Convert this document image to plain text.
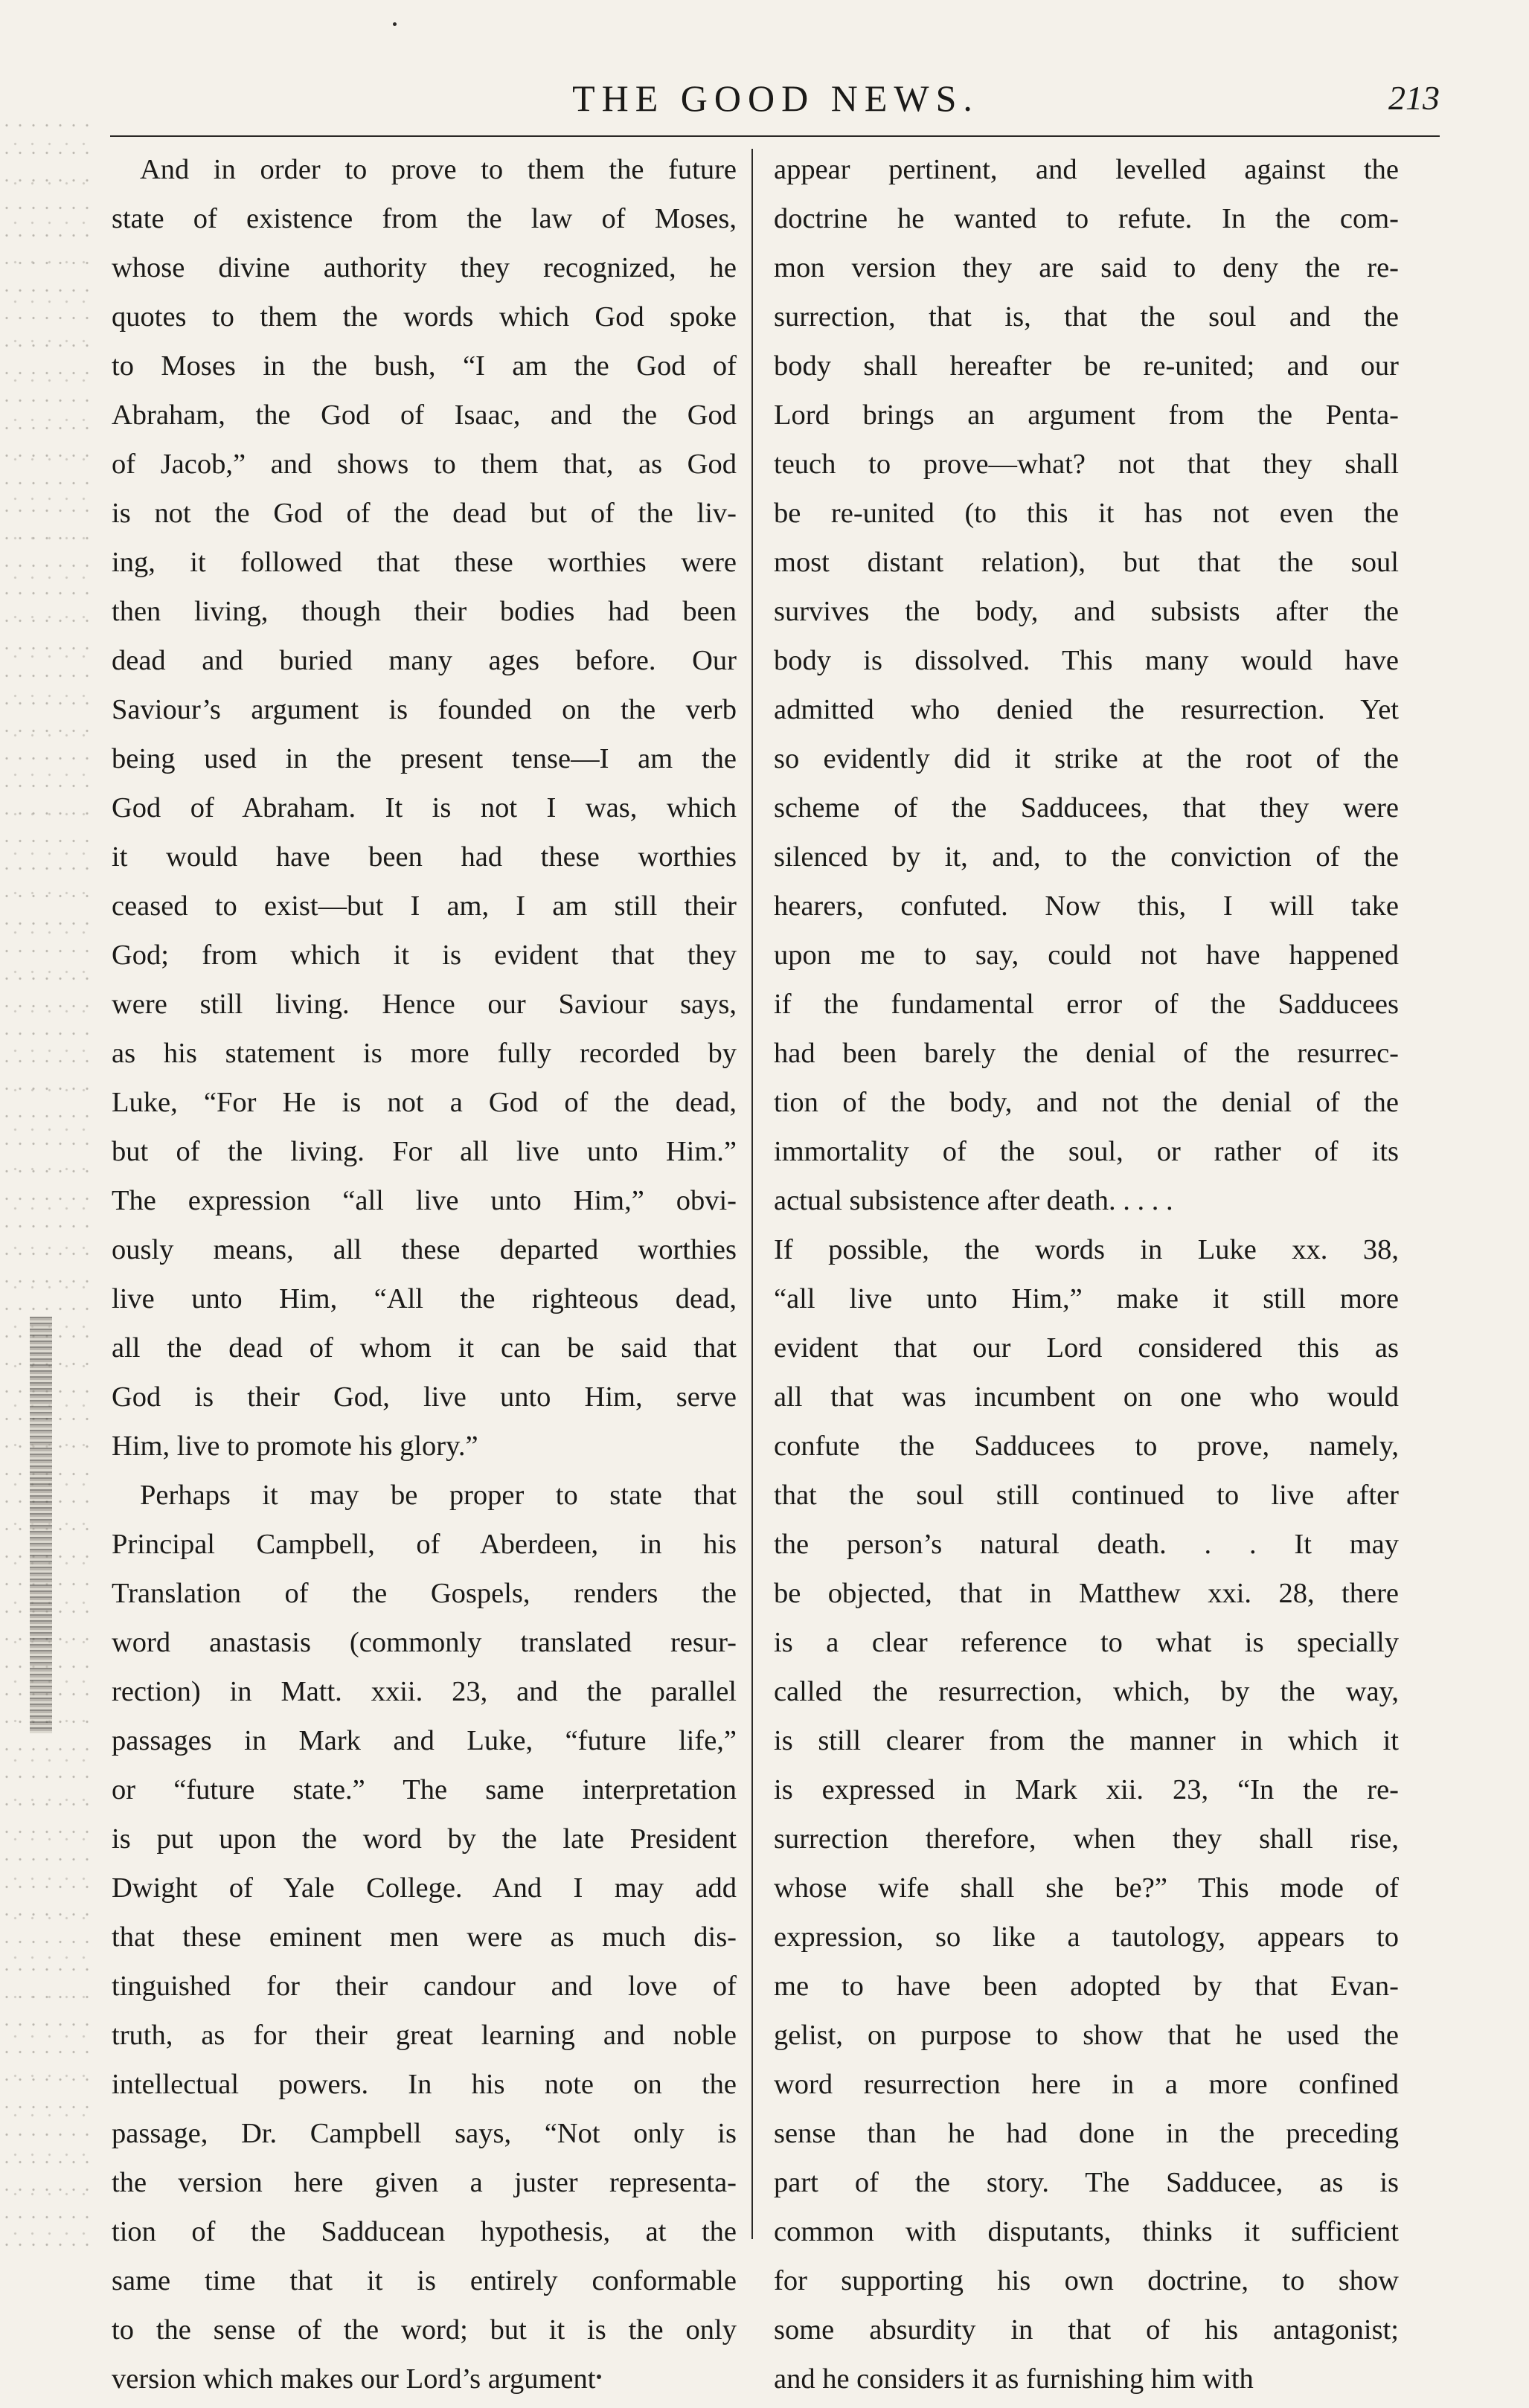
THE GOOD NEWS.	213
And in order to prove to them the future
state of existence from the law of Moses,
whose divine authority they recognized, he
quotes to them the words which God spoke
to Moses in the bush, “I am the God of
Abraham, the God of Isaac, and the God
of Jacob,” and shows to them that, as God
is not the God of the dead but of the liv-
ing, it followed that these worthies were
then living, though their bodies had been
dead and buried many ages before. Our
Saviour’s argument is founded on the verb
being used in the present tense—I am the
God of Abraham. It is not I was, which
it would have been had these worthies
ceased to exist—but I am, I am still their
God; from which it is evident that they
were still living. Hence our Saviour says,
as his statement is more fully recorded by
Luke, “For He is not a God of the dead,
but of the living. For all live unto Him.”
The expression “all live unto Him,” obvi-
ously means, all these departed worthies
live unto Him, “All the righteous dead,
all the dead of whom it can be said that
God is their God, live unto Him, serve
Him, live to promote his glory.”
Perhaps it may be proper to state that
Principal Campbell, of Aberdeen, in his
Translation of the Gospels, renders the
word anastasis (commonly translated resur-
rection) in Matt. xxii. 23, and the parallel
passages in Mark and Luke, “future life,”
or “future state.” The same interpretation
is put upon the word by the late President
Dwight of Yale College. And I may add
that these eminent men were as much dis-
tinguished for their candour and love of
truth, as for their great learning and noble
intellectual powers. In his note on the
passage, Dr. Campbell says, “Not only is
the version here given a juster representa-
tion of the Sadducean hypothesis, at the
same time that it is entirely conformable
to the sense of the word; but it is the only
version which makes our Lord’s argument
appear pertinent, and levelled against the
doctrine he wanted to refute. In the com-
mon version they are said to deny the re-
surrection, that is, that the soul and the
body shall hereafter be re-united; and our
Lord brings an argument from the Penta-
teuch to prove—what? not that they shall
be re-united (to this it has not even the
most distant relation), but that the soul
survives the body, and subsists after the
body is dissolved. This many would have
admitted who denied the resurrection. Yet
so evidently did it strike at the root of the
scheme of the Sadducees, that they were
silenced by it, and, to the conviction of the
hearers, confuted. Now this, I will take
upon me to say, could not have happened
if the fundamental error of the Sadducees
had been barely the denial of the resurrec-
tion of the body, and not the denial of the
immortality of the soul, or rather of its
actual subsistence after death. . . . .
If possible, the words in Luke xx. 38,
“all live unto Him,” make it still more
evident that our Lord considered this as
all that was incumbent on one who would
confute the Sadducees to prove, namely,
that the soul still continued to live after
the person’s natural death. . . It may
be objected, that in Matthew xxi. 28, there
is a clear reference to what is specially
called the resurrection, which, by the way,
is still clearer from the manner in which it
is expressed in Mark xii. 23, “In the re-
surrection therefore, when they shall rise,
whose wife shall she be?” This mode of
expression, so like a tautology, appears to
me to have been adopted by that Evan-
gelist, on purpose to show that he used the
word resurrection here in a more confined
sense than he had done in the preceding
part of the story. The Sadducee, as is
common with disputants, thinks it sufficient
for supporting his own doctrine, to show
some absurdity in that of his antagonist;
and he considers it as furnishing him with
